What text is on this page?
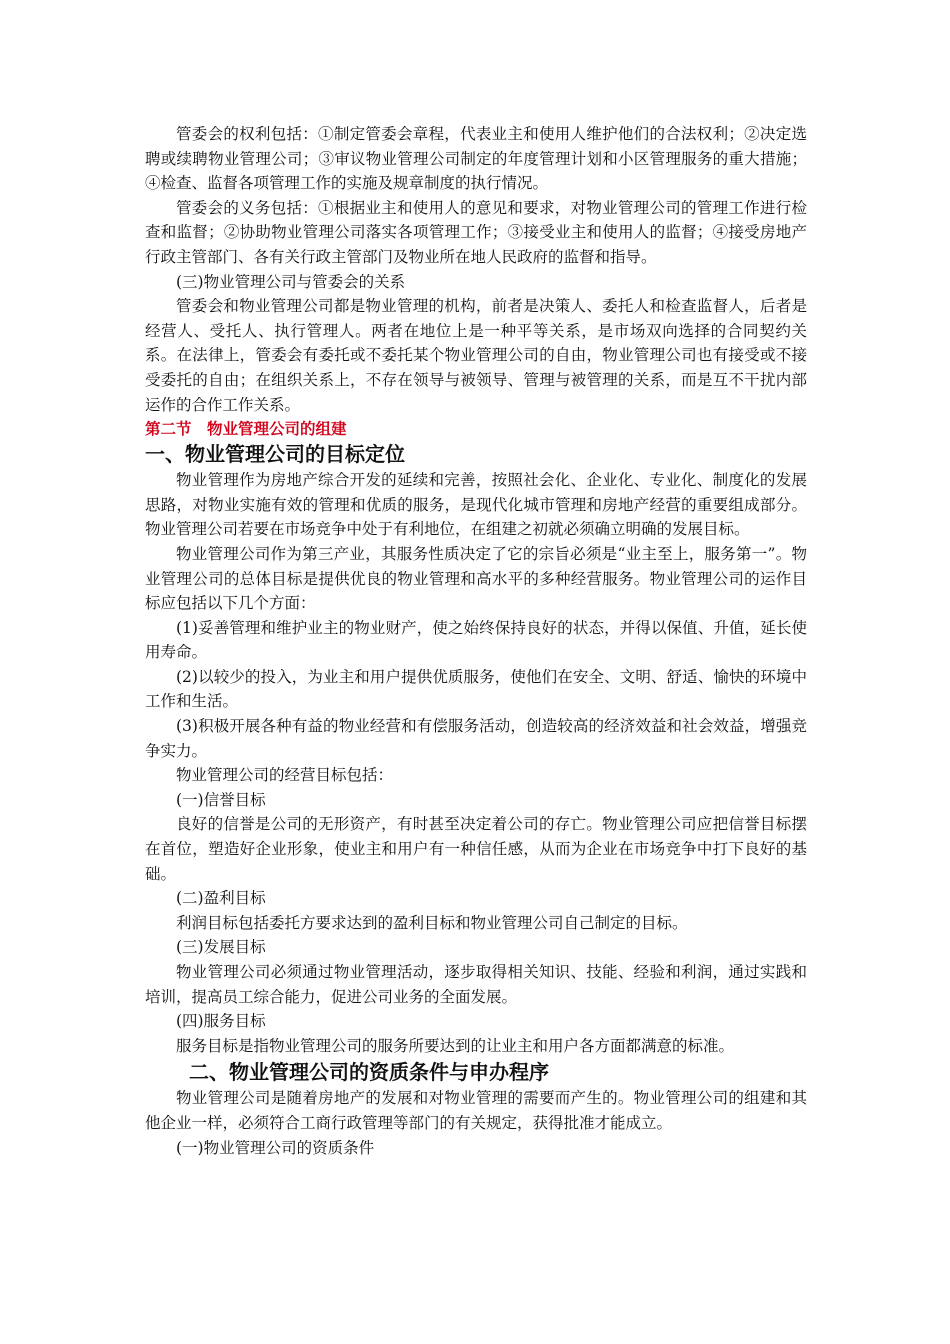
管委会的权利包括：①制定管委会章程，代表业主和使用人维护他们的合法权利；②决定选聘或续聘物业管理公司；③审议物业管理公司制定的年度管理计划和小区管理服务的重大措施；④检查、监督各项管理工作的实施及规章制度的执行情况。

管委会的义务包括：①根据业主和使用人的意见和要求，对物业管理公司的管理工作进行检查和监督；②协助物业管理公司落实各项管理工作；③接受业主和使用人的监督；④接受房地产行政主管部门、各有关行政主管部门及物业所在地人民政府的监督和指导。

(三)物业管理公司与管委会的关系

管委会和物业管理公司都是物业管理的机构，前者是决策人、委托人和检查监督人，后者是经营人、受托人、执行管理人。两者在地位上是一种平等关系，是市场双向选择的合同契约关系。在法律上，管委会有委托或不委托某个物业管理公司的自由，物业管理公司也有接受或不接受委托的自由；在组织关系上，不存在领导与被领导、管理与被管理的关系，而是互不干扰内部运作的合作工作关系。

第二节　物业管理公司的组建

一、物业管理公司的目标定位

物业管理作为房地产综合开发的延续和完善，按照社会化、企业化、专业化、制度化的发展思路，对物业实施有效的管理和优质的服务，是现代化城市管理和房地产经营的重要组成部分。物业管理公司若要在市场竞争中处于有利地位，在组建之初就必须确立明确的发展目标。

物业管理公司作为第三产业，其服务性质决定了它的宗旨必须是“业主至上，服务第一”。物业管理公司的总体目标是提供优良的物业管理和高水平的多种经营服务。物业管理公司的运作目标应包括以下几个方面：

(1)妥善管理和维护业主的物业财产，使之始终保持良好的状态，并得以保值、升值，延长使用寿命。

(2)以较少的投入，为业主和用户提供优质服务，使他们在安全、文明、舒适、愉快的环境中工作和生活。

(3)积极开展各种有益的物业经营和有偿服务活动，创造较高的经济效益和社会效益，增强竞争实力。

物业管理公司的经营目标包括：

(一)信誉目标

良好的信誉是公司的无形资产，有时甚至决定着公司的存亡。物业管理公司应把信誉目标摆在首位，塑造好企业形象，使业主和用户有一种信任感，从而为企业在市场竞争中打下良好的基础。

(二)盈利目标

利润目标包括委托方要求达到的盈利目标和物业管理公司自己制定的目标。

(三)发展目标

物业管理公司必须通过物业管理活动，逐步取得相关知识、技能、经验和利润，通过实践和培训，提高员工综合能力，促进公司业务的全面发展。

(四)服务目标

服务目标是指物业管理公司的服务所要达到的让业主和用户各方面都满意的标准。

二、物业管理公司的资质条件与申办程序

物业管理公司是随着房地产的发展和对物业管理的需要而产生的。物业管理公司的组建和其他企业一样，必须符合工商行政管理等部门的有关规定，获得批准才能成立。

(一)物业管理公司的资质条件
